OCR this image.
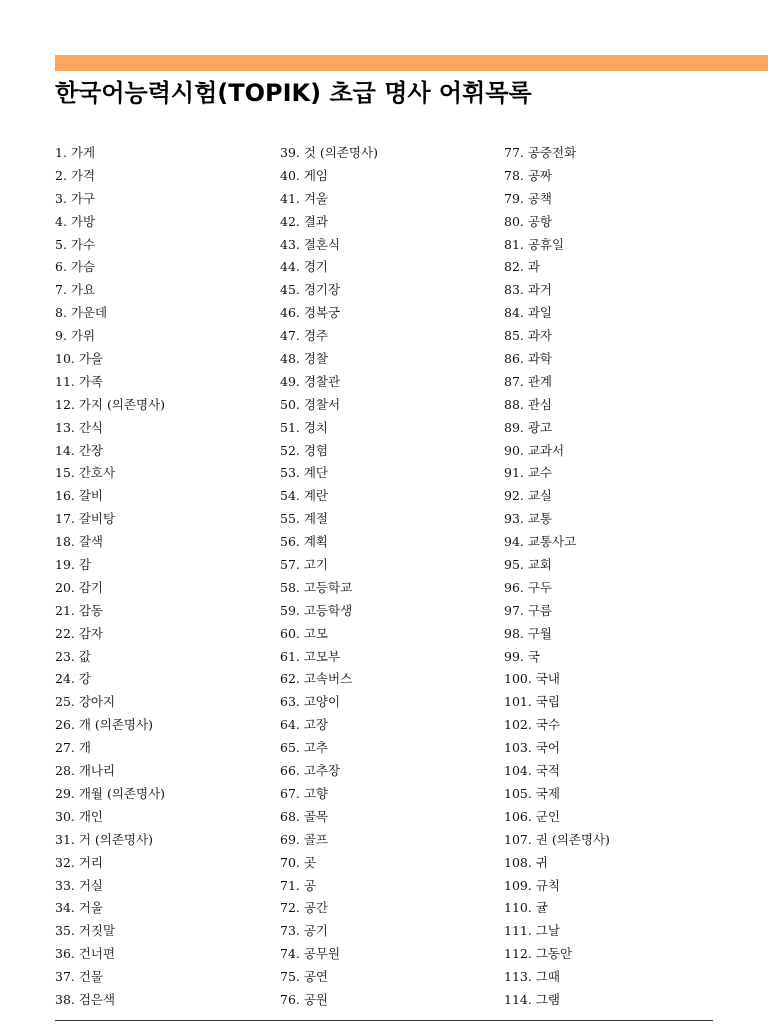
한국어능력시험(TOPIK) 초급 명사 어휘목록
1. 가게
2. 가격
3. 가구
4. 가방
5. 가수
6. 가슴
7. 가요
8. 가운데
9. 가위
10. 가을
11. 가족
12. 가지 (의존명사)
13. 간식
14. 간장
15. 간호사
16. 갈비
17. 갈비탕
18. 갈색
19. 감
20. 감기
21. 감동
22. 감자
23. 값
24. 강
25. 강아지
26. 개 (의존명사)
27. 개
28. 개나리
29. 개월 (의존명사)
30. 개인
31. 거 (의존명사)
32. 거리
33. 거실
34. 거울
35. 거짓말
36. 건너편
37. 건물
38. 검은색
39. 것 (의존명사)
40. 게임
41. 겨울
42. 결과
43. 결혼식
44. 경기
45. 경기장
46. 경복궁
47. 경주
48. 경찰
49. 경찰관
50. 경찰서
51. 경치
52. 경험
53. 계단
54. 계란
55. 계절
56. 계획
57. 고기
58. 고등학교
59. 고등학생
60. 고모
61. 고모부
62. 고속버스
63. 고양이
64. 고장
65. 고추
66. 고추장
67. 고향
68. 골목
69. 골프
70. 곳
71. 공
72. 공간
73. 공기
74. 공무원
75. 공연
76. 공원
77. 공중전화
78. 공짜
79. 공책
80. 공항
81. 공휴일
82. 과
83. 과거
84. 과일
85. 과자
86. 과학
87. 관계
88. 관심
89. 광고
90. 교과서
91. 교수
92. 교실
93. 교통
94. 교통사고
95. 교회
96. 구두
97. 구름
98. 구월
99. 국
100. 국내
101. 국립
102. 국수
103. 국어
104. 국적
105. 국제
106. 군인
107. 권 (의존명사)
108. 귀
109. 규칙
110. 귤
111. 그날
112. 그동안
113. 그때
114. 그램
